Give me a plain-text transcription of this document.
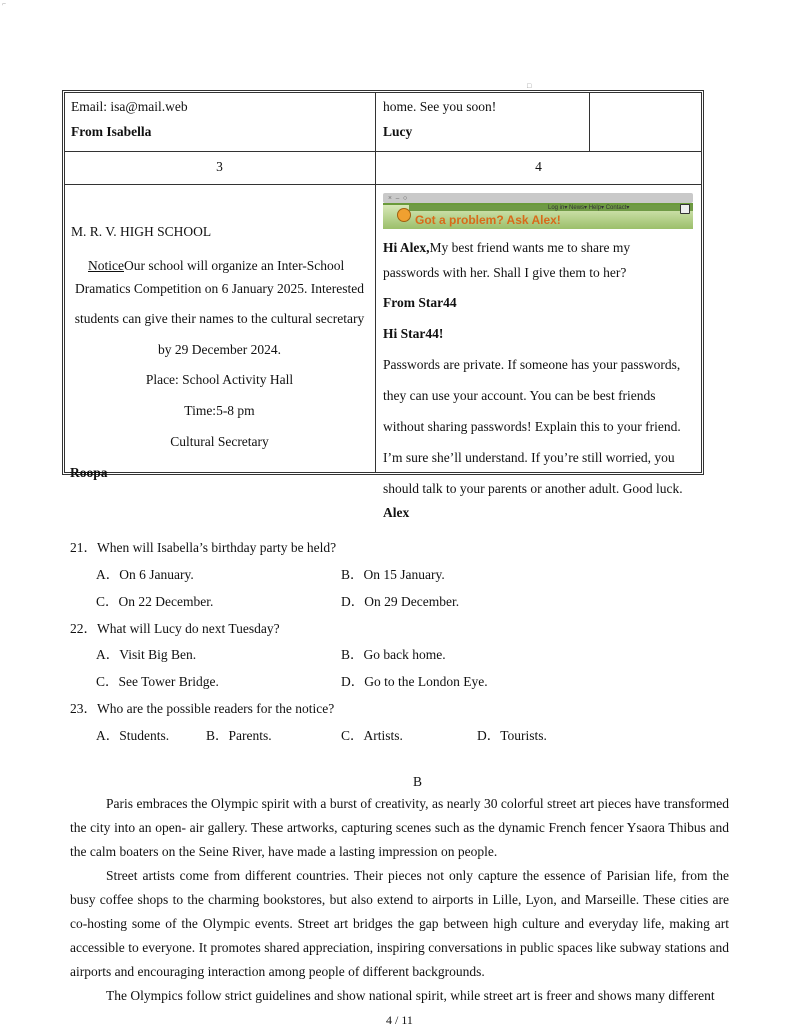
⌐
□
Email: isa@mail.web
From Isabella
home. See you soon!
Lucy
3	4
M. R. V. HIGH SCHOOL
NoticeOur school will organize an Inter-School
Dramatics Competition on 6 January 2025. Interested
students can give their names to the cultural secretary
by 29 December 2024.
Place: School Activity Hall
Time:5-8 pm
Cultural Secretary
Roopa
× – ○
Log in▾ News▾ Help▾ Contact▾
Got a problem? Ask Alex!
Hi Alex,My best friend wants me to share my
passwords with her. Shall I give them to her?
From Star44
Hi Star44!
Passwords are private. If someone has your passwords,
they can use your account. You can be best friends
without sharing passwords! Explain this to your friend.
I’m sure she’ll understand. If you’re still worried, you
should talk to your parents or another adult. Good luck.
Alex
21．When will Isabella’s birthday party be held?
A．On 6 January.	B．On 15 January.
C．On 22 December.	D．On 29 December.
22．What will Lucy do next Tuesday?
A．Visit Big Ben.	B．Go back home.
C．See Tower Bridge.	D．Go to the London Eye.
23．Who are the possible readers for the notice?
A．Students.	B．Parents.	C．Artists.	D．Tourists.
B

Paris embraces the Olympic spirit with a burst of creativity, as nearly 30 colorful street art pieces have transformed the city into an open- air gallery. These artworks, capturing scenes such as the dynamic French fencer Ysaora Thibus and the calm boaters on the Seine River, have made a lasting impression on people.

Street artists come from different countries. Their pieces not only capture the essence of Parisian life, from the busy coffee shops to the charming bookstores, but also extend to airports in Lille, Lyon, and Marseille. These cities are co-hosting some of the Olympic events. Street art bridges the gap between high culture and everyday life, making art accessible to everyone. It promotes shared appreciation, inspiring conversations in public spaces like subway stations and airports and encouraging interaction among people of different backgrounds.

The Olympics follow strict guidelines and show national spirit, while street art is freer and shows many different

4 / 11
